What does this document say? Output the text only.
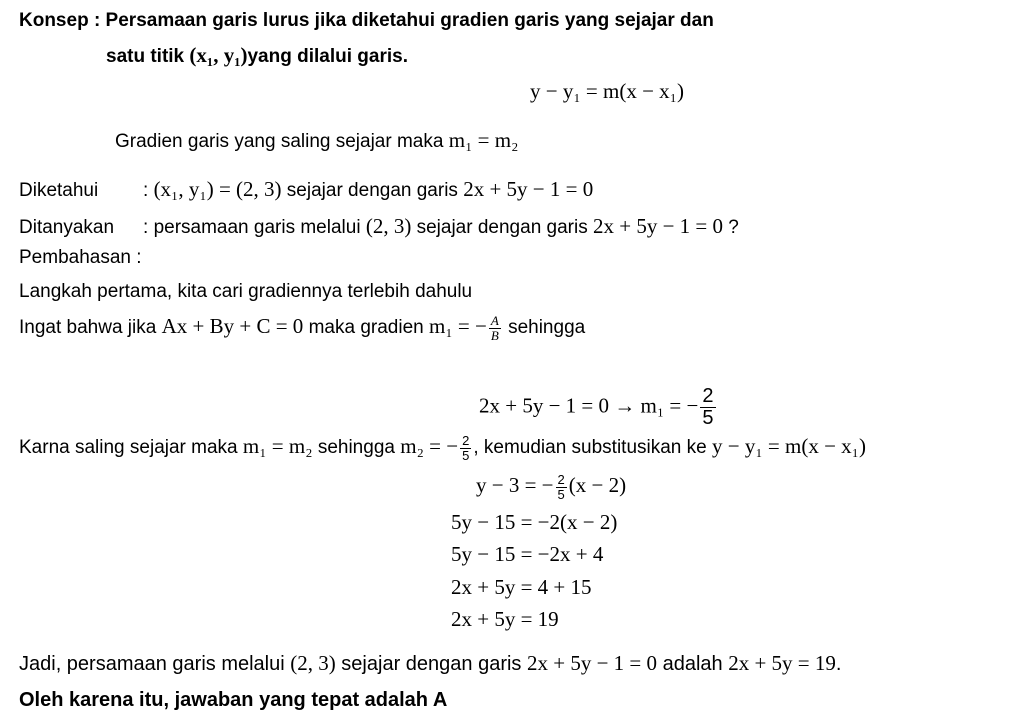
Konsep : Persamaan garis lurus jika diketahui gradien garis yang sejajar dan
satu titik (x₁, y₁)yang dilalui garis.
y − y₁ = m(x − x₁)
Gradien garis yang saling sejajar maka m₁ = m₂
Diketahui : (x₁, y₁) = (2, 3) sejajar dengan garis 2x + 5y − 1 = 0
Ditanyakan : persamaan garis melalui (2, 3) sejajar dengan garis 2x + 5y − 1 = 0 ?
Pembahasan :
Langkah pertama, kita cari gradiennya terlebih dahulu
Ingat bahwa jika Ax + By + C = 0 maka gradien m₁ = − $\frac{A}{B}$ sehingga
2x + 5y − 1 = 0 → m₁ = − $\frac{2}{5}$
Karna saling sejajar maka m₁ = m₂ sehingga m₂ = − $\frac{2}{5}$ , kemudian substitusikan ke y − y₁ = m(x − x₁)
y − 3 = − $\frac{2}{5} (x - 2)$
5y − 15 = −2(x − 2)
5y − 15 = −2x + 4
2x + 5y = 4 + 15
2x + 5y = 19
Jadi, persamaan garis melalui (2, 3) sejajar dengan garis 2x + 5y − 1 = 0 adalah 2x + 5y = 19.
Oleh karena itu, jawaban yang tepat adalah A
